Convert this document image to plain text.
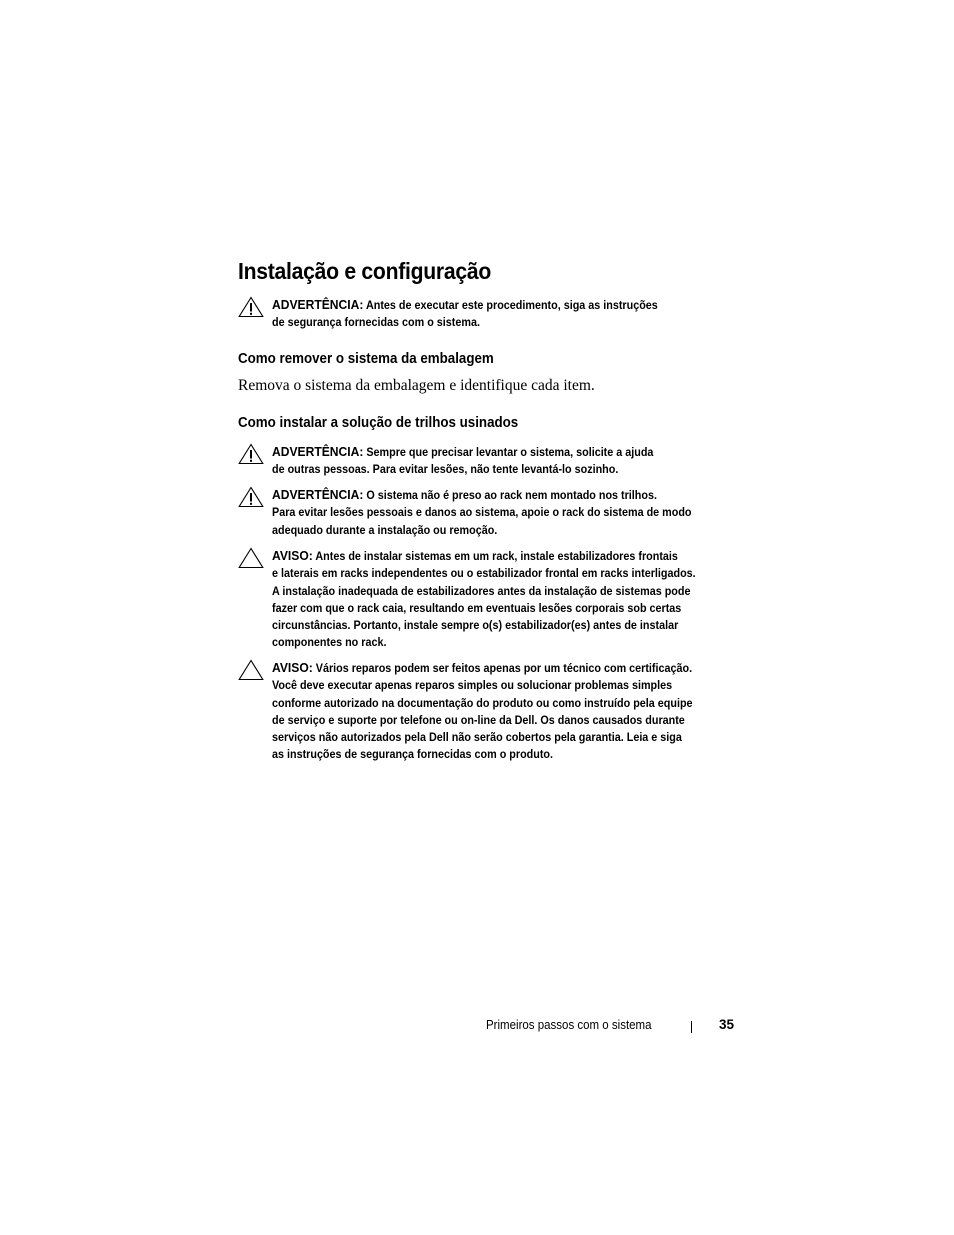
Instalação e configuração
ADVERTÊNCIA: Antes de executar este procedimento, siga as instruções
de segurança fornecidas com o sistema.
Como remover o sistema da embalagem

Remova o sistema da embalagem e identifique cada item.

Como instalar a solução de trilhos usinados
ADVERTÊNCIA: Sempre que precisar levantar o sistema, solicite a ajuda
de outras pessoas. Para evitar lesões, não tente levantá-lo sozinho.
ADVERTÊNCIA: O sistema não é preso ao rack nem montado nos trilhos.
Para evitar lesões pessoais e danos ao sistema, apoie o rack do sistema de modo
adequado durante a instalação ou remoção.
AVISO: Antes de instalar sistemas em um rack, instale estabilizadores frontais
e laterais em racks independentes ou o estabilizador frontal em racks interligados.
A instalação inadequada de estabilizadores antes da instalação de sistemas pode
fazer com que o rack caia, resultando em eventuais lesões corporais sob certas
circunstâncias. Portanto, instale sempre o(s) estabilizador(es) antes de instalar
componentes no rack.
AVISO: Vários reparos podem ser feitos apenas por um técnico com certificação.
Você deve executar apenas reparos simples ou solucionar problemas simples
conforme autorizado na documentação do produto ou como instruído pela equipe
de serviço e suporte por telefone ou on-line da Dell. Os danos causados durante
serviços não autorizados pela Dell não serão cobertos pela garantia. Leia e siga
as instruções de segurança fornecidas com o produto.
Primeiros passos com o sistema	35
